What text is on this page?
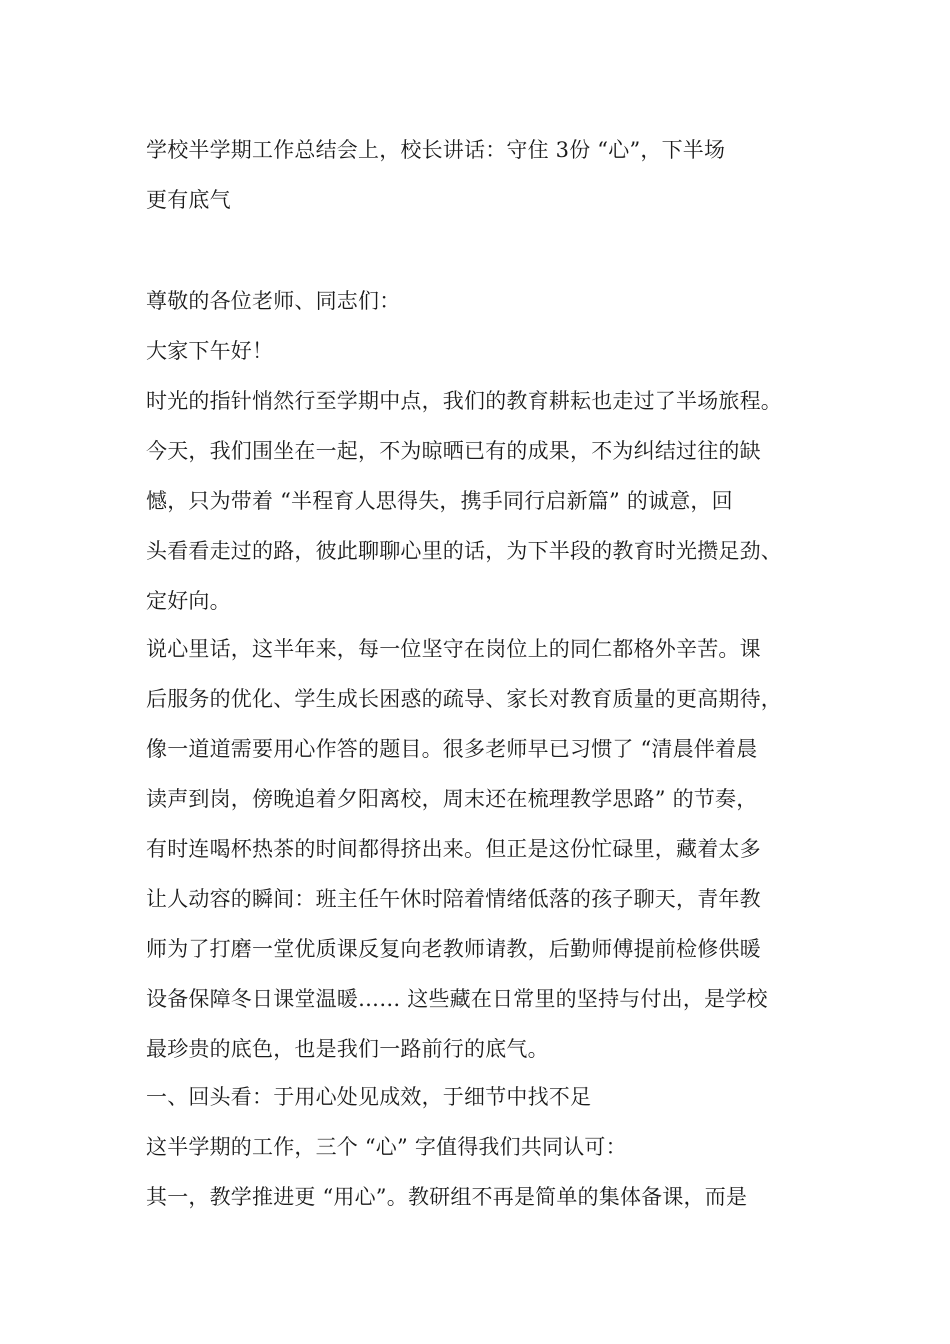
学校半学期工作总结会上，校长讲话：守住 3份 “心”，下半场
更有底气
尊敬的各位老师、同志们：
大家下午好！
时光的指针悄然行至学期中点，我们的教育耕耘也走过了半场旅程。
今天，我们围坐在一起，不为晾晒已有的成果，不为纠结过往的缺
憾，只为带着 “半程育人思得失，携手同行启新篇” 的诚意，回
头看看走过的路，彼此聊聊心里的话，为下半段的教育时光攒足劲、
定好向。
说心里话，这半年来，每一位坚守在岗位上的同仁都格外辛苦。课
后服务的优化、学生成长困惑的疏导、家长对教育质量的更高期待，
像一道道需要用心作答的题目。很多老师早已习惯了 “清晨伴着晨
读声到岗，傍晚追着夕阳离校，周末还在梳理教学思路” 的节奏，
有时连喝杯热茶的时间都得挤出来。但正是这份忙碌里，藏着太多
让人动容的瞬间：班主任午休时陪着情绪低落的孩子聊天，青年教
师为了打磨一堂优质课反复向老教师请教，后勤师傅提前检修供暖
设备保障冬日课堂温暖…… 这些藏在日常里的坚持与付出，是学校
最珍贵的底色，也是我们一路前行的底气。
一、回头看：于用心处见成效，于细节中找不足
这半学期的工作，三个 “心” 字值得我们共同认可：
其一，教学推进更 “用心”。教研组不再是简单的集体备课，而是
